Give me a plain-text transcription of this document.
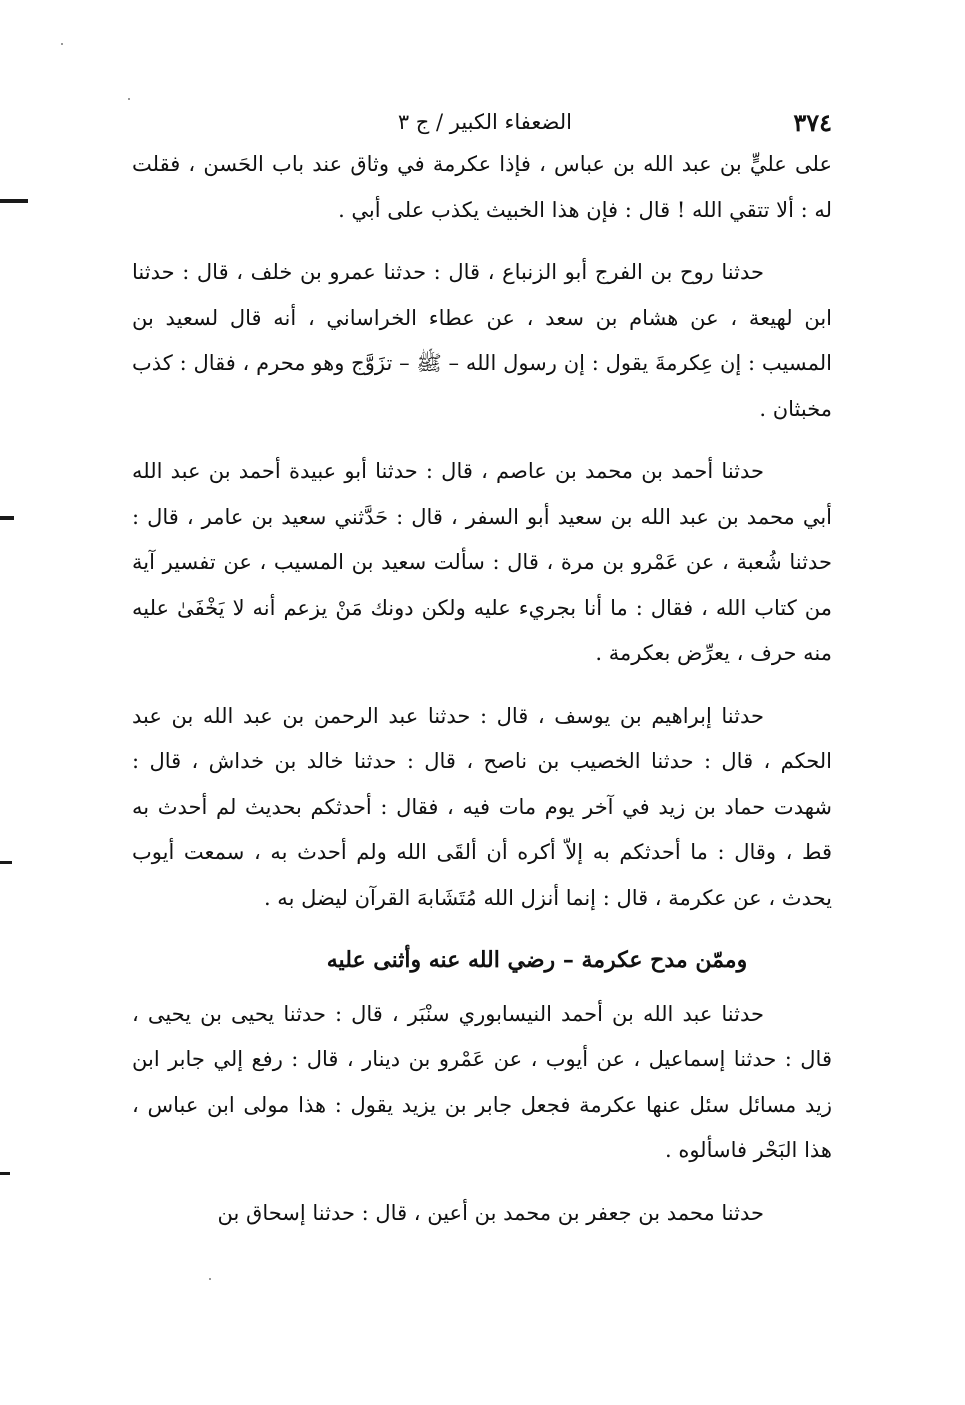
٣٧٤
الضعفاء الكبير / ج ٣

على عليٍّ بن عبد الله بن عباس ، فإذا عكرمة في وثاق عند باب الحَسن ، فقلت له : ألا تتقي الله ! قال : فإن هذا الخبيث يكذب على أبي .

حدثنا روح بن الفرج أبو الزنباع ، قال : حدثنا عمرو بن خلف ، قال : حدثنا ابن لهيعة ، عن هشام بن سعد ، عن عطاء الخراساني ، أنه قال لسعيد بن المسيب : إن عِكرمةَ يقول : إن رسول الله – ﷺ – تزَوَّج وهو محرم ، فقال : كذب مخبثان .

حدثنا أحمد بن محمد بن عاصم ، قال : حدثنا أبو عبيدة أحمد بن عبد الله أبي محمد بن عبد الله بن سعيد أبو السفر ، قال : حَدَّثني سعيد بن عامر ، قال : حدثنا شُعبة ، عن عَمْرو بن مرة ، قال : سألت سعيد بن المسيب ، عن تفسير آية من كتاب الله ، فقال : ما أنا بجريء عليه ولكن دونك مَنْ يزعم أنه لا يَخْفَىٰ عليه منه حرف ، يعرِّض بعكرمة .

حدثنا إبراهيم بن يوسف ، قال : حدثنا عبد الرحمن بن عبد الله بن عبد الحكم ، قال : حدثنا الخصيب بن ناصح ، قال : حدثنا خالد بن خداش ، قال : شهدت حماد بن زيد في آخر يوم مات فيه ، فقال : أحدثكم بحديث لم أحدث به قط ، وقال : ما أحدثكم به إلاّ أكره أن ألقَى الله ولم أحدث به ، سمعت أيوب يحدث ، عن عكرمة ، قال : إنما أنزل الله مُتَشَابهَ القرآن ليضل به .

وممّن مدح عكرمة – رضي الله عنه وأثنى عليه

حدثنا عبد الله بن أحمد النيسابوري سنْبَر ، قال : حدثنا يحيى بن يحيى ، قال : حدثنا إسماعيل ، عن أيوب ، عن عَمْرو بن دينار ، قال : رفع إلي جابر ابن زيد مسائل سئل عنها عكرمة فجعل جابر بن يزيد يقول : هذا مولى ابن عباس ، هذا البَحْر فاسألوه .

حدثنا محمد بن جعفر بن محمد بن أعين ، قال : حدثنا إسحاق بن
